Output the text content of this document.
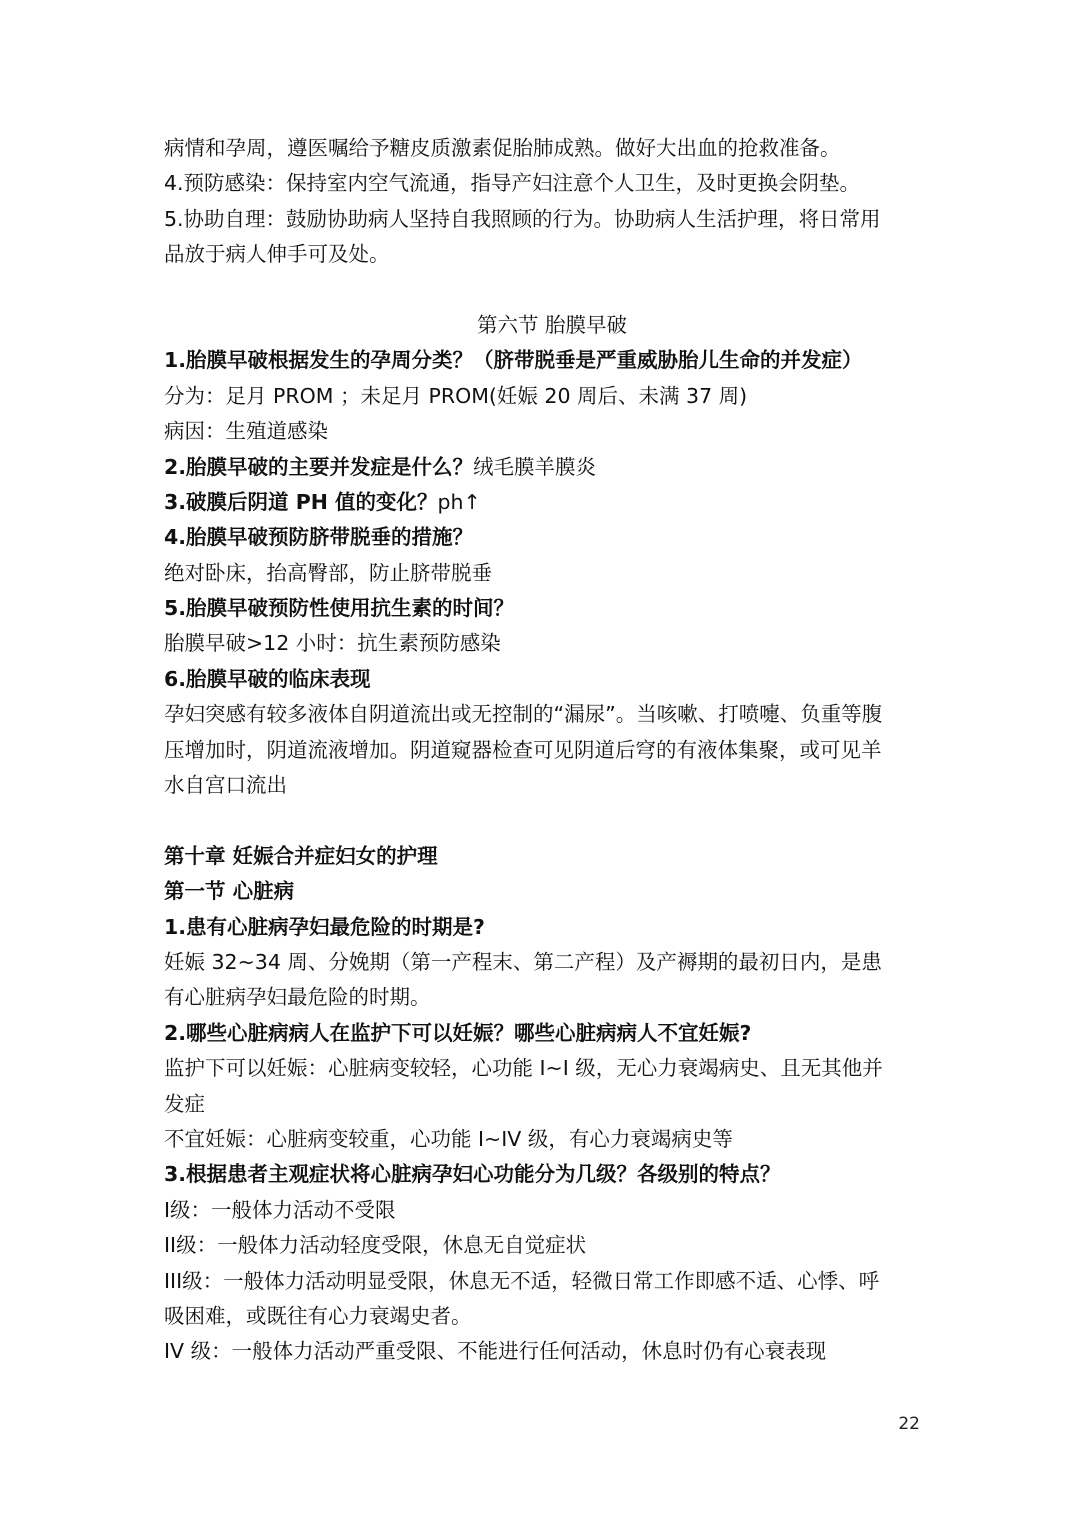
病情和孕周，遵医嘱给予糖皮质激素促胎肺成熟。做好大出血的抢救准备。
4.预防感染：保持室内空气流通，指导产妇注意个人卫生，及时更换会阴垫。
5.协助自理：鼓励协助病人坚持自我照顾的行为。协助病人生活护理，将日常用
品放于病人伸手可及处。
第六节 胎膜早破
1.胎膜早破根据发生的孕周分类？（脐带脱垂是严重威胁胎儿生命的并发症）
分为：足月 PROM ；未足月 PROM(妊娠 20 周后、未满 37 周)
病因：生殖道感染
2.胎膜早破的主要并发症是什么？绒毛膜羊膜炎
3.破膜后阴道 PH 值的变化？ph↑
4.胎膜早破预防脐带脱垂的措施？
绝对卧床，抬高臀部，防止脐带脱垂
5.胎膜早破预防性使用抗生素的时间？
胎膜早破>12 小时：抗生素预防感染
6.胎膜早破的临床表现
孕妇突感有较多液体自阴道流出或无控制的“漏尿”。当咳嗽、打喷嚏、负重等腹
压增加时，阴道流液增加。阴道窥器检查可见阴道后穹的有液体集聚，或可见羊
水自宫口流出
第十章 妊娠合并症妇女的护理
第一节 心脏病
1.患有心脏病孕妇最危险的时期是?
妊娠 32~34 周、分娩期（第一产程末、第二产程）及产褥期的最初日内，是患
有心脏病孕妇最危险的时期。
2.哪些心脏病病人在监护下可以妊娠？哪些心脏病病人不宜妊娠?
监护下可以妊娠：心脏病变较轻，心功能 I~I 级，无心力衰竭病史、且无其他并
发症
不宜妊娠：心脏病变较重，心功能 I~IV 级，有心力衰竭病史等
3.根据患者主观症状将心脏病孕妇心功能分为几级？各级别的特点？
I级：一般体力活动不受限
II级：一般体力活动轻度受限，休息无自觉症状
III级：一般体力活动明显受限，休息无不适，轻微日常工作即感不适、心悸、呼
吸困难，或既往有心力衰竭史者。
IV 级：一般体力活动严重受限、不能进行任何活动，休息时仍有心衰表现
22
